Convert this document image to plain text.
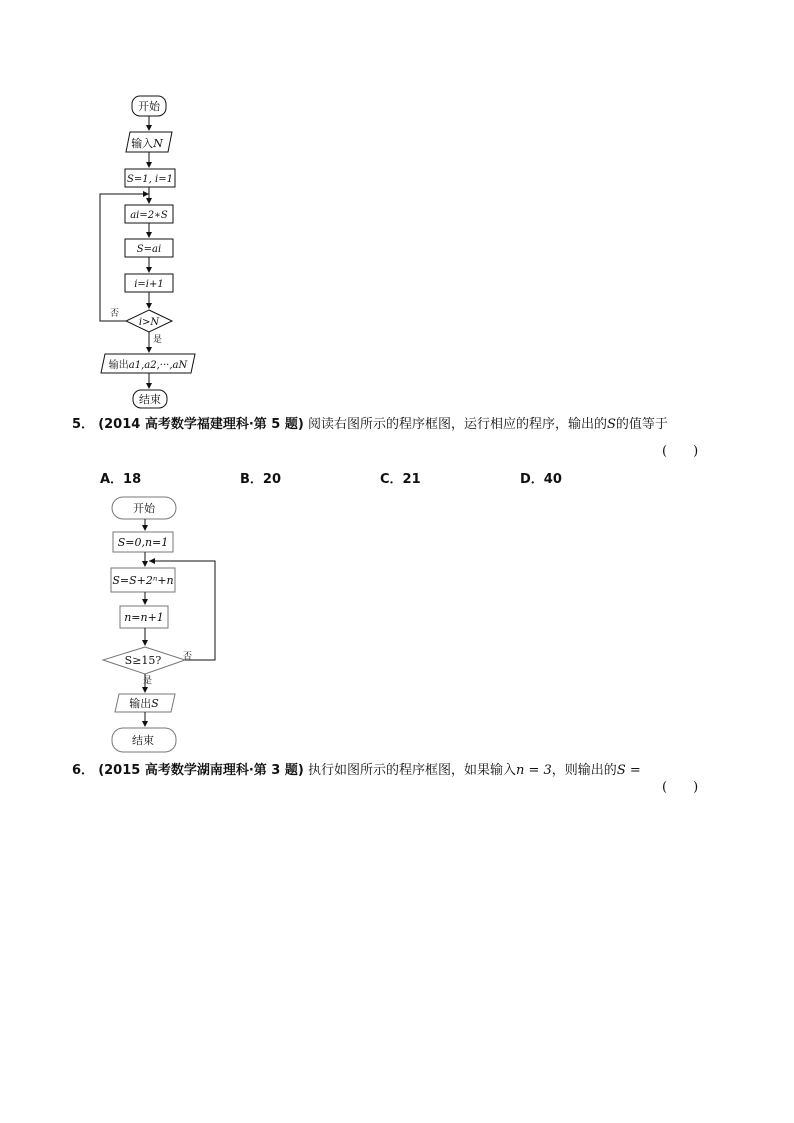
开始
输入N
S=1, i=1
ai=2∗S
S=ai
i=i+1
i>N
否
是
输出a1,a2,···,aN
结束
5． (2014 高考数学福建理科·第 5 题) 阅读右图所示的程序框图，运行相应的程序，输出的S的值等于
(　　)
A．18	B．20	C．21	D．40
开始
S=0,n=1
S=S+2ⁿ+n
n=n+1
S≥15? 否
是
输出S
结束
6． (2015 高考数学湖南理科·第 3 题) 执行如图所示的程序框图，如果输入n = 3，则输出的S =
(　　)
